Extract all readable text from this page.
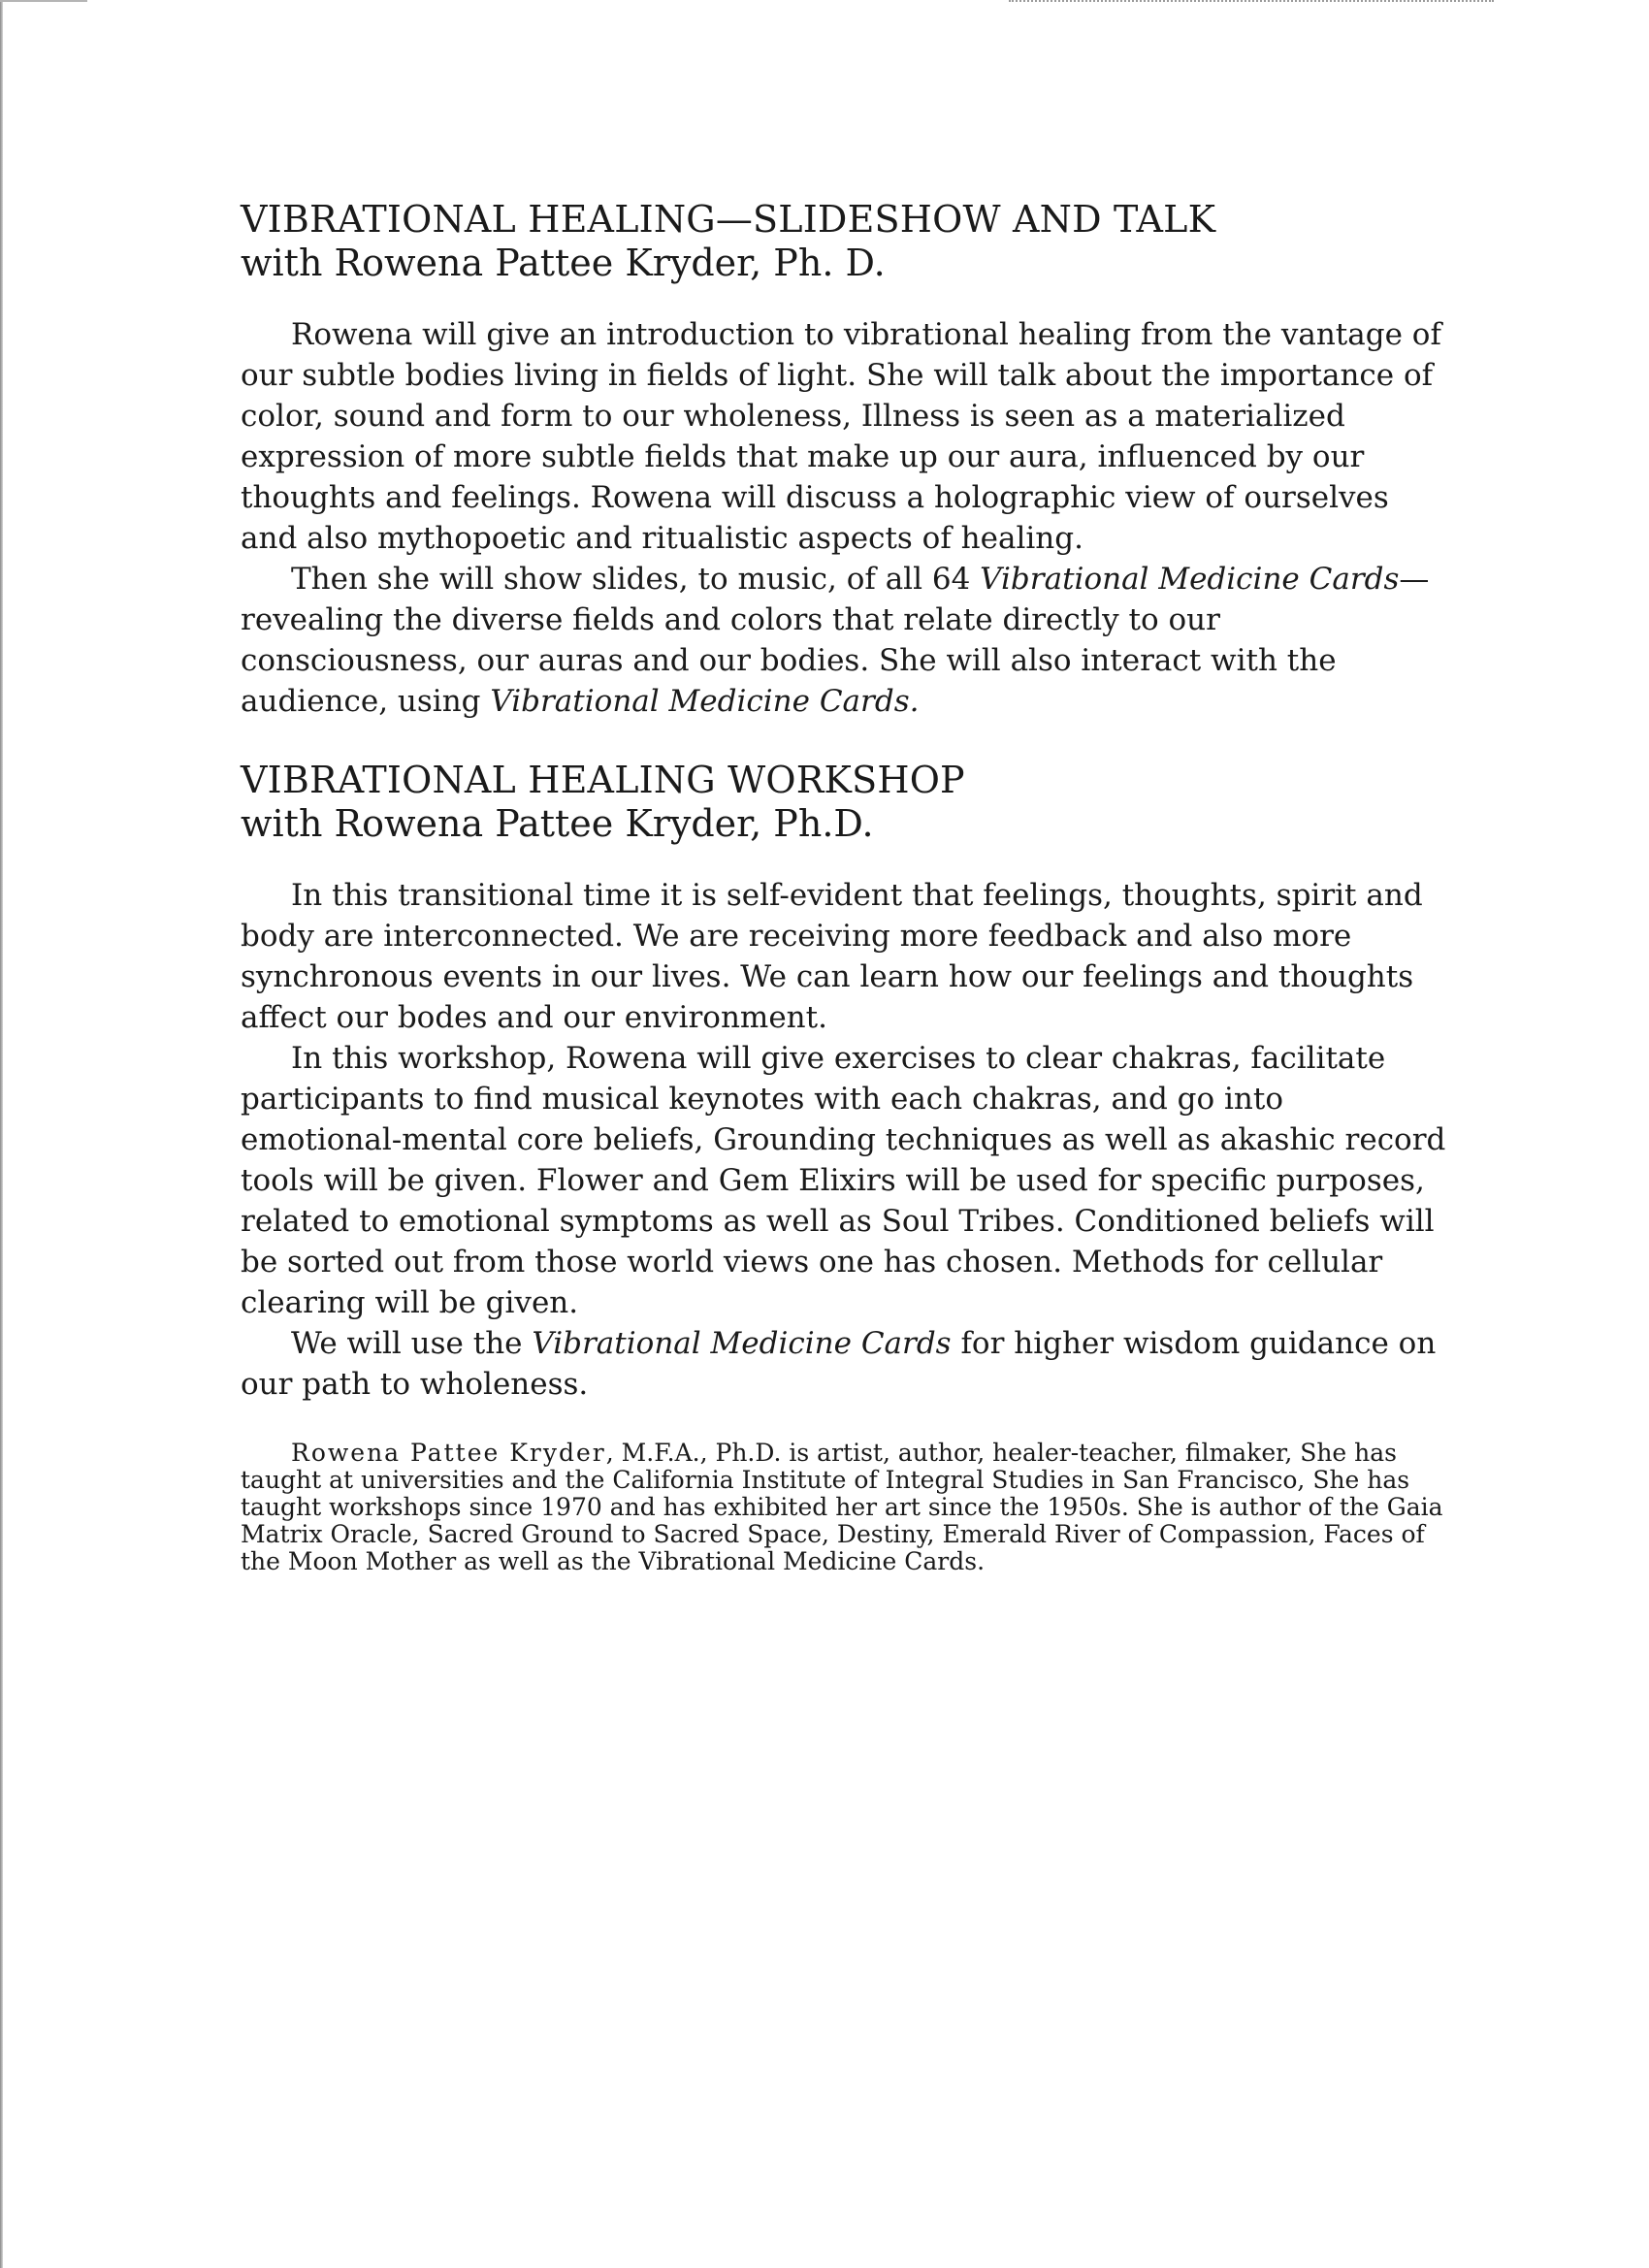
VIBRATIONAL HEALING—SLIDESHOW AND TALK
with Rowena Pattee Kryder, Ph. D.

Rowena will give an introduction to vibrational healing from the vantage of our subtle bodies living in fields of light. She will talk about the importance of color, sound and form to our wholeness, Illness is seen as a materialized expression of more subtle fields that make up our aura, influenced by our thoughts and feelings. Rowena will discuss a holographic view of ourselves and also mythopoetic and ritualistic aspects of healing.

Then she will show slides, to music, of all 64 Vibrational Medicine Cards—revealing the diverse fields and colors that relate directly to our consciousness, our auras and our bodies. She will also interact with the audience, using Vibrational Medicine Cards.

VIBRATIONAL HEALING WORKSHOP
with Rowena Pattee Kryder, Ph.D.

In this transitional time it is self-evident that feelings, thoughts, spirit and body are interconnected. We are receiving more feedback and also more synchronous events in our lives. We can learn how our feelings and thoughts affect our bodes and our environment.

In this workshop, Rowena will give exercises to clear chakras, facilitate participants to find musical keynotes with each chakras, and go into emotional-mental core beliefs, Grounding techniques as well as akashic record tools will be given. Flower and Gem Elixirs will be used for specific purposes, related to emotional symptoms as well as Soul Tribes. Conditioned beliefs will be sorted out from those world views one has chosen. Methods for cellular clearing will be given.

We will use the Vibrational Medicine Cards for higher wisdom guidance on our path to wholeness.

Rowena Pattee Kryder, M.F.A., Ph.D. is artist, author, healer-teacher, filmaker, She has taught at universities and the California Institute of Integral Studies in San Francisco, She has taught workshops since 1970 and has exhibited her art since the 1950s. She is author of the Gaia Matrix Oracle, Sacred Ground to Sacred Space, Destiny, Emerald River of Compassion, Faces of the Moon Mother as well as the Vibrational Medicine Cards.
